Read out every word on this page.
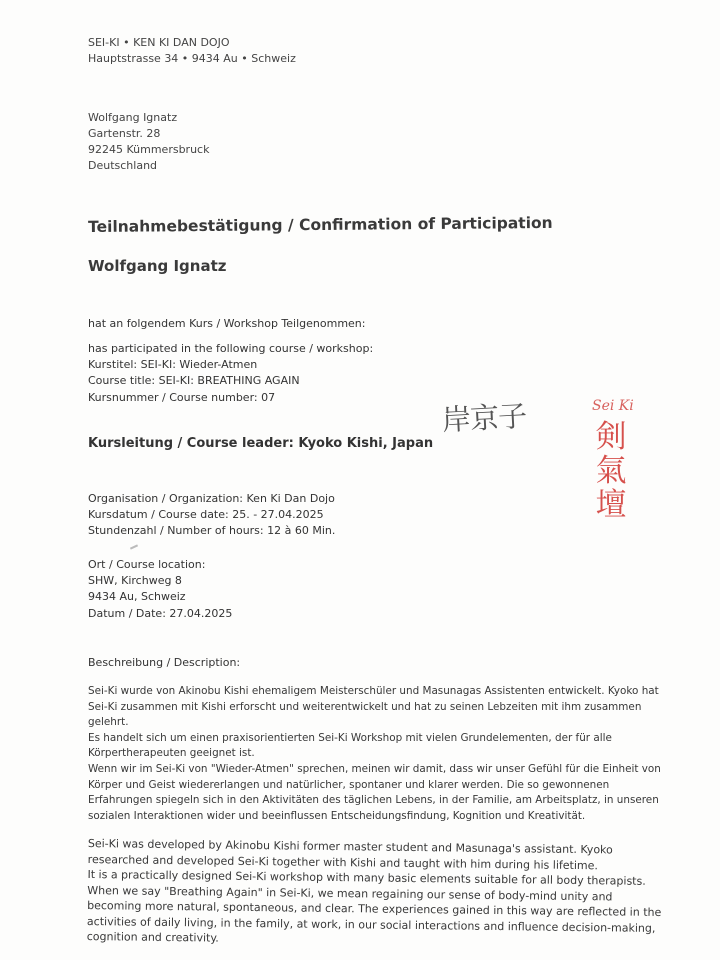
SEI-KI • KEN KI DAN DOJO
Hauptstrasse 34 • 9434 Au • Schweiz
Wolfgang Ignatz
Gartenstr. 28
92245 Kümmersbruck
Deutschland
Teilnahmebestätigung / Confirmation of Participation
Wolfgang Ignatz
hat an folgendem Kurs / Workshop Teilgenommen:
has participated in the following course / workshop:
Kurstitel: SEI-KI: Wieder-Atmen
Course title: SEI-KI: BREATHING AGAIN
Kursnummer / Course number: 07
岸京子	Sei Ki
剣
氣
壇
Kursleitung / Course leader: Kyoko Kishi, Japan
Organisation / Organization: Ken Ki Dan Dojo
Kursdatum / Course date: 25. - 27.04.2025
Stundenzahl / Number of hours: 12 à 60 Min.
Ort / Course location:
SHW, Kirchweg 8
9434 Au, Schweiz
Datum / Date: 27.04.2025
Beschreibung / Description:

Sei-Ki wurde von Akinobu Kishi ehemaligem Meisterschüler und Masunagas Assistenten entwickelt. Kyoko hat Sei-Ki zusammen mit Kishi erforscht und weiterentwickelt und hat zu seinen Lebzeiten mit ihm zusammen gelehrt.

Es handelt sich um einen praxisorientierten Sei-Ki Workshop mit vielen Grundelementen, der für alle Körpertherapeuten geeignet ist.

Wenn wir im Sei-Ki von "Wieder-Atmen" sprechen, meinen wir damit, dass wir unser Gefühl für die Einheit von Körper und Geist wiedererlangen und natürlicher, spontaner und klarer werden. Die so gewonnenen Erfahrungen spiegeln sich in den Aktivitäten des täglichen Lebens, in der Familie, am Arbeitsplatz, in unseren sozialen Interaktionen wider und beeinflussen Entscheidungsfindung, Kognition und Kreativität.

Sei-Ki was developed by Akinobu Kishi former master student and Masunaga's assistant. Kyoko researched and developed Sei-Ki together with Kishi and taught with him during his lifetime.

It is a practically designed Sei-Ki workshop with many basic elements suitable for all body therapists.

When we say "Breathing Again" in Sei-Ki, we mean regaining our sense of body-mind unity and becoming more natural, spontaneous, and clear. The experiences gained in this way are reflected in the activities of daily living, in the family, at work, in our social interactions and influence decision-making, cognition and creativity.
